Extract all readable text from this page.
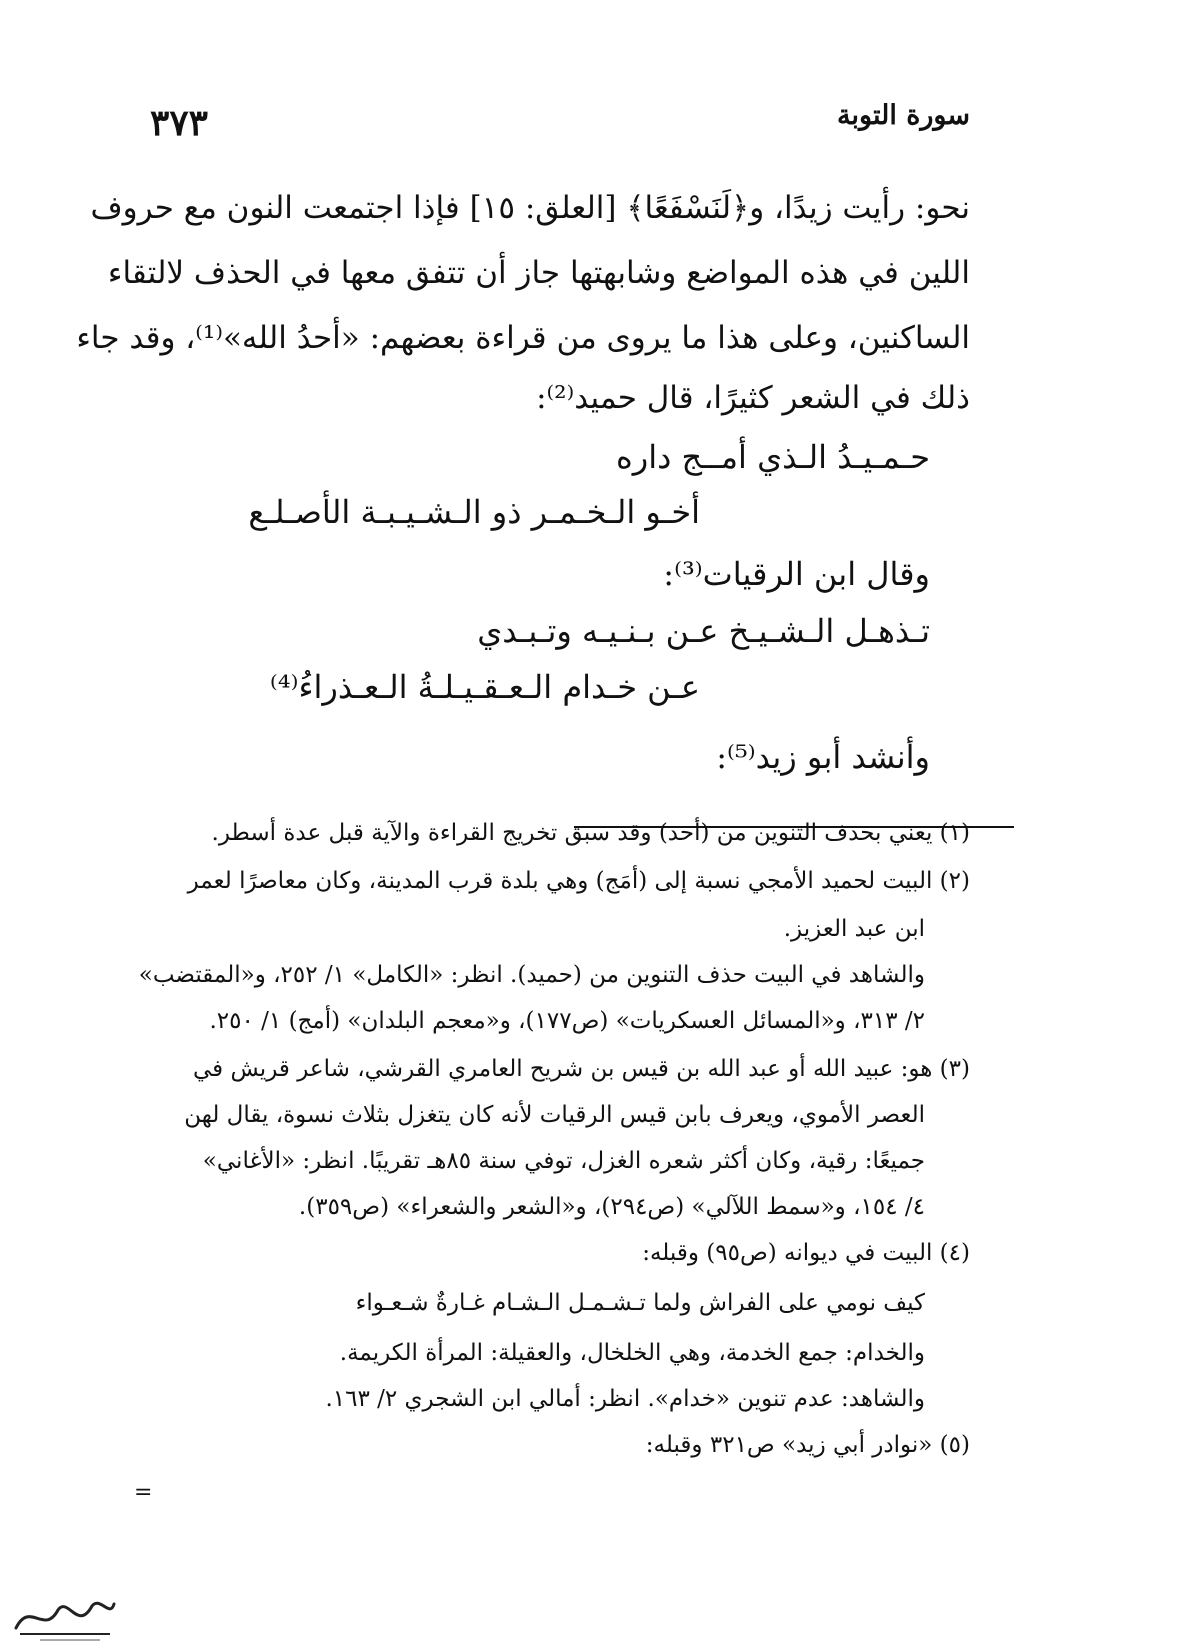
سورة التوبة
٣٧٣
نحو: رأيت زيدًا، و﴿لَنَسْفَعًا﴾ [العلق: ١٥] فإذا اجتمعت النون مع حروف
اللين في هذه المواضع وشابهتها جاز أن تتفق معها في الحذف لالتقاء
الساكنين، وعلى هذا ما يروى من قراءة بعضهم: «أحدُ الله»⁽¹⁾، وقد جاء
ذلك في الشعر كثيرًا، قال حميد⁽²⁾:
حـمـيـدُ الـذي أمــج داره
أخـو الـخـمـر ذو الـشـيـبـة الأصـلـع
وقال ابن الرقيات⁽³⁾:
تـذهـل الـشـيـخ عـن بـنـيـه وتـبـدي
عـن خـدام الـعـقـيـلـةُ الـعـذراءُ⁽⁴⁾
وأنشد أبو زيد⁽⁵⁾:
(١) يعني بحذف التنوين من (أحد) وقد سبق تخريج القراءة والآية قبل عدة أسطر.
(٢) البيت لحميد الأمجي نسبة إلى (أمَج) وهي بلدة قرب المدينة، وكان معاصرًا لعمر
ابن عبد العزيز.
والشاهد في البيت حذف التنوين من (حميد). انظر: «الكامل» ١/ ٢٥٢، و«المقتضب»
٢/ ٣١٣، و«المسائل العسكريات» (ص١٧٧)، و«معجم البلدان» (أمج) ١/ ٢٥٠.
(٣) هو: عبيد الله أو عبد الله بن قيس بن شريح العامري القرشي، شاعر قريش في
العصر الأموي، ويعرف بابن قيس الرقيات لأنه كان يتغزل بثلاث نسوة، يقال لهن
جميعًا: رقية، وكان أكثر شعره الغزل، توفي سنة ٨٥هـ تقريبًا. انظر: «الأغاني»
٤/ ١٥٤، و«سمط اللآلي» (ص٢٩٤)، و«الشعر والشعراء» (ص٣٥٩).
(٤) البيت في ديوانه (ص٩٥) وقبله:
كيف نومي على الفراش ولما تـشـمـل الـشـام غـارةٌ شـعـواء
والخدام: جمع الخدمة، وهي الخلخال، والعقيلة: المرأة الكريمة.
والشاهد: عدم تنوين «خدام». انظر: أمالي ابن الشجري ٢/ ١٦٣.
(٥) «نوادر أبي زيد» ص٣٢١ وقبله:
=
